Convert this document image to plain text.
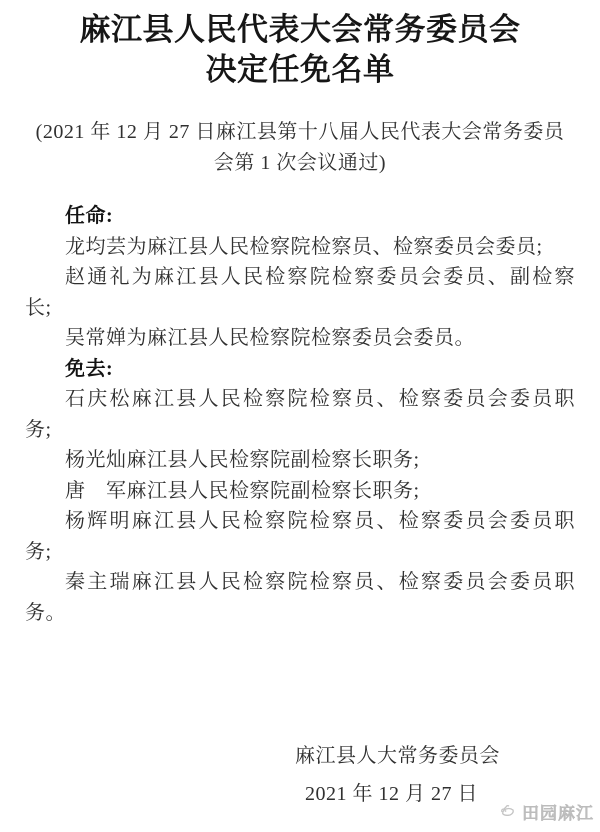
麻江县人民代表大会常务委员会
决定任免名单
(2021 年 12 月 27 日麻江县第十八届人民代表大会常务委员
会第 1 次会议通过)
任命:
龙均芸为麻江县人民检察院检察员、检察委员会委员;
赵通礼为麻江县人民检察院检察委员会委员、副检察
长;
吴常婵为麻江县人民检察院检察委员会委员。
免去:
石庆松麻江县人民检察院检察员、检察委员会委员职
务;
杨光灿麻江县人民检察院副检察长职务;
唐　军麻江县人民检察院副检察长职务;
杨辉明麻江县人民检察院检察员、检察委员会委员职
务;
秦主瑞麻江县人民检察院检察员、检察委员会委员职
务。
麻江县人大常务委员会
2021 年 12 月 27 日
田园麻江
